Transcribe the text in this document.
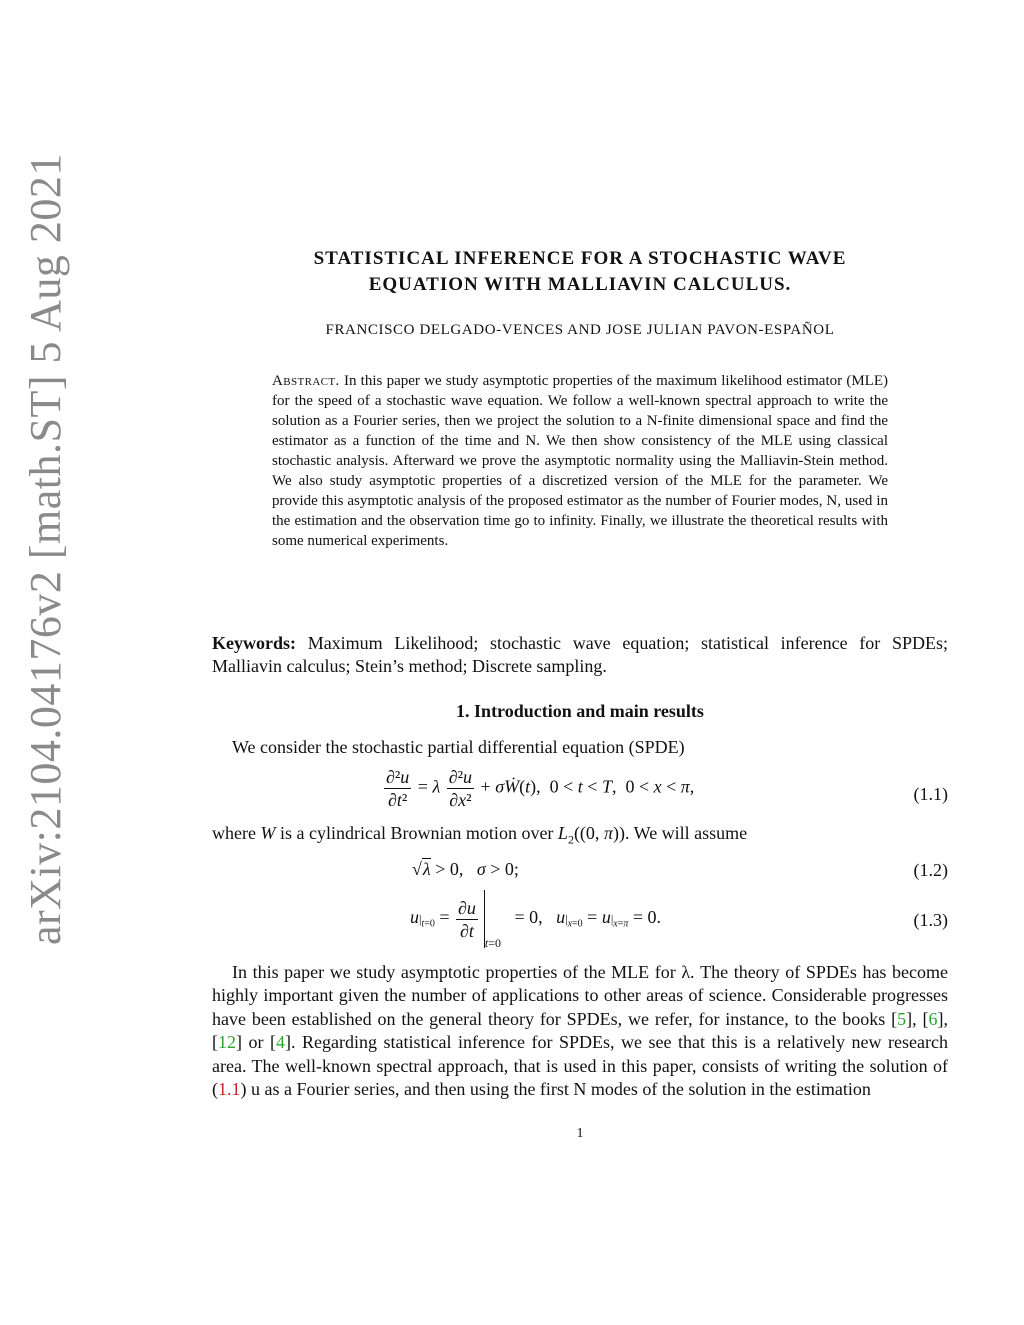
arXiv:2104.04176v2 [math.ST] 5 Aug 2021	STATISTICAL INFERENCE FOR A STOCHASTIC WAVE
EQUATION WITH MALLIAVIN CALCULUS.
FRANCISCO DELGADO-VENCES AND JOSE JULIAN PAVON-ESPAÑOL
Abstract. In this paper we study asymptotic properties of the maximum likelihood estimator (MLE) for the speed of a stochastic wave equation. We follow a well-known spectral approach to write the solution as a Fourier series, then we project the solution to a N-finite dimensional space and find the estimator as a function of the time and N. We then show consistency of the MLE using classical stochastic analysis. Afterward we prove the asymptotic normality using the Malliavin-Stein method. We also study asymptotic properties of a discretized version of the MLE for the parameter. We provide this asymptotic analysis of the proposed estimator as the number of Fourier modes, N, used in the estimation and the observation time go to infinity. Finally, we illustrate the theoretical results with some numerical experiments.
Keywords: Maximum Likelihood; stochastic wave equation; statistical inference for SPDEs; Malliavin calculus; Stein’s method; Discrete sampling.
1. Introduction and main results
We consider the stochastic partial differential equation (SPDE)
$\frac{\text{∂²u}}{\text{∂t²}} = \lambda \frac{\text{∂²u}}{\text{∂x²}}$ + σẆ(t),  0 < t < T,  0 < x < π,	(1.1)
where W is a cylindrical Brownian motion over $L_2((0$, π)). We will assume
√λ > 0,   σ > 0;	(1.2)
$u|_{t=0} = \frac{\partial u}{\partial t}$
$_{t=0}$   = 0,   $u|_{x=0} = u|_{x=\pi} = 0$.	(1.3)
In this paper we study asymptotic properties of the MLE for λ. The theory of SPDEs has become highly important given the number of applications to other areas of science. Considerable progresses have been established on the general theory for SPDEs, we refer, for instance, to the books [5], [6], [12] or [4]. Regarding statistical inference for SPDEs, we see that this is a relatively new research area. The well-known spectral approach, that is used in this paper, consists of writing the solution of (1.1) u as a Fourier series, and then using the first N modes of the solution in the estimation
1
